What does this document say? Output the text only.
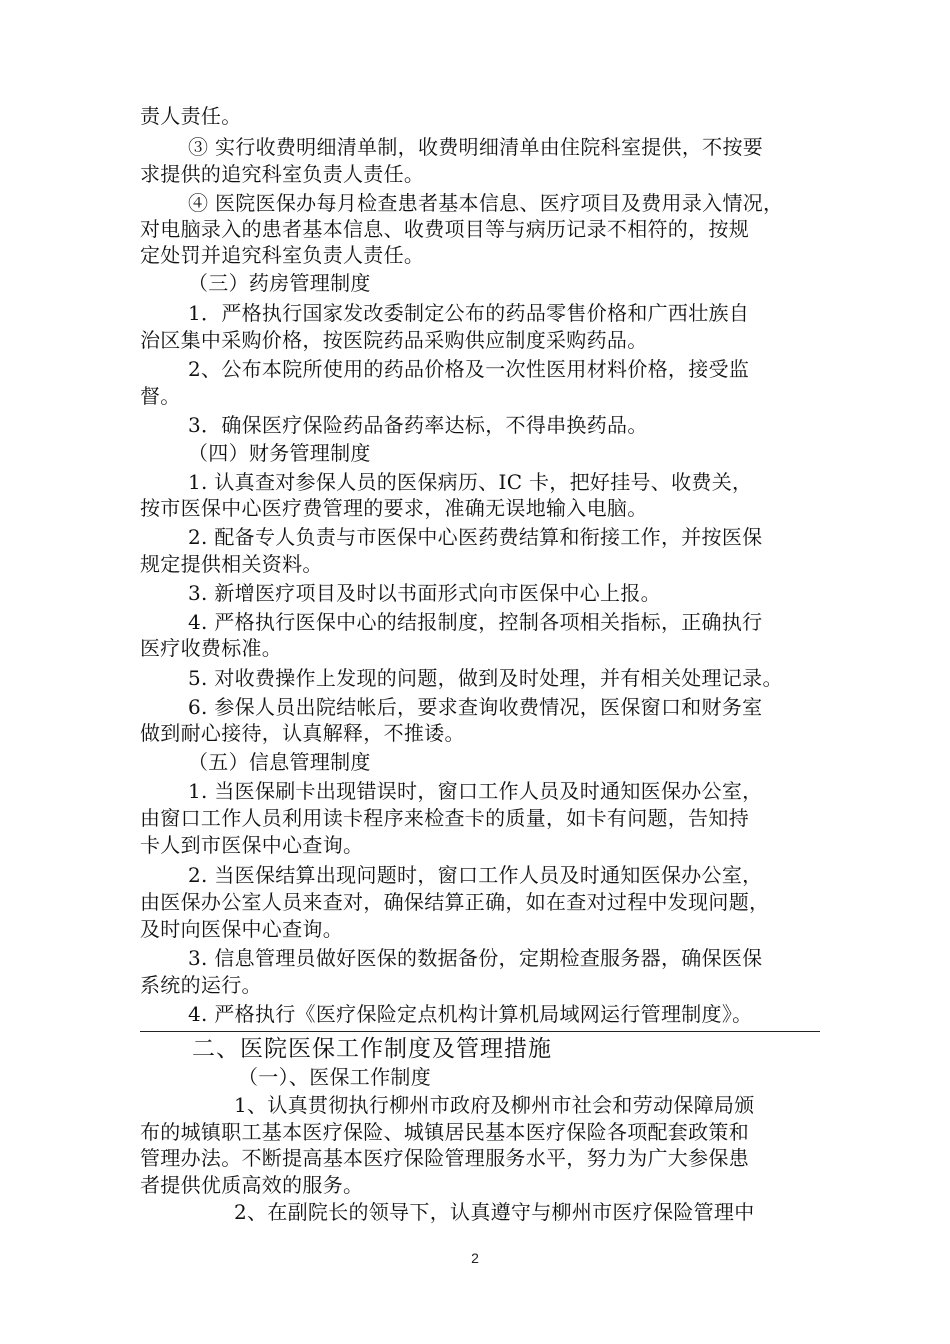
责人责任。
③ 实行收费明细清单制，收费明细清单由住院科室提供，不按要
求提供的追究科室负责人责任。
④ 医院医保办每月检查患者基本信息、医疗项目及费用录入情况，
对电脑录入的患者基本信息、收费项目等与病历记录不相符的，按规
定处罚并追究科室负责人责任。
（三）药房管理制度
1．严格执行国家发改委制定公布的药品零售价格和广西壮族自
治区集中采购价格，按医院药品采购供应制度采购药品。
2、公布本院所使用的药品价格及一次性医用材料价格，接受监
督。
3．确保医疗保险药品备药率达标，不得串换药品。
（四）财务管理制度
1. 认真查对参保人员的医保病历、IC 卡，把好挂号、收费关，
按市医保中心医疗费管理的要求，准确无误地输入电脑。
2. 配备专人负责与市医保中心医药费结算和衔接工作，并按医保
规定提供相关资料。
3. 新增医疗项目及时以书面形式向市医保中心上报。
4. 严格执行医保中心的结报制度，控制各项相关指标，正确执行
医疗收费标准。
5. 对收费操作上发现的问题，做到及时处理，并有相关处理记录。
6. 参保人员出院结帐后，要求查询收费情况，医保窗口和财务室
做到耐心接待，认真解释，不推诿。
（五）信息管理制度
1. 当医保刷卡出现错误时，窗口工作人员及时通知医保办公室，
由窗口工作人员利用读卡程序来检查卡的质量，如卡有问题，告知持
卡人到市医保中心查询。
2. 当医保结算出现问题时，窗口工作人员及时通知医保办公室，
由医保办公室人员来查对，确保结算正确，如在查对过程中发现问题，
及时向医保中心查询。
3. 信息管理员做好医保的数据备份，定期检查服务器，确保医保
系统的运行。
4. 严格执行《医疗保险定点机构计算机局域网运行管理制度》。
二、医院医保工作制度及管理措施
（一）、医保工作制度
1、认真贯彻执行柳州市政府及柳州市社会和劳动保障局颁
布的城镇职工基本医疗保险、城镇居民基本医疗保险各项配套政策和
管理办法。不断提高基本医疗保险管理服务水平，努力为广大参保患
者提供优质高效的服务。
2、在副院长的领导下，认真遵守与柳州市医疗保险管理中
2
